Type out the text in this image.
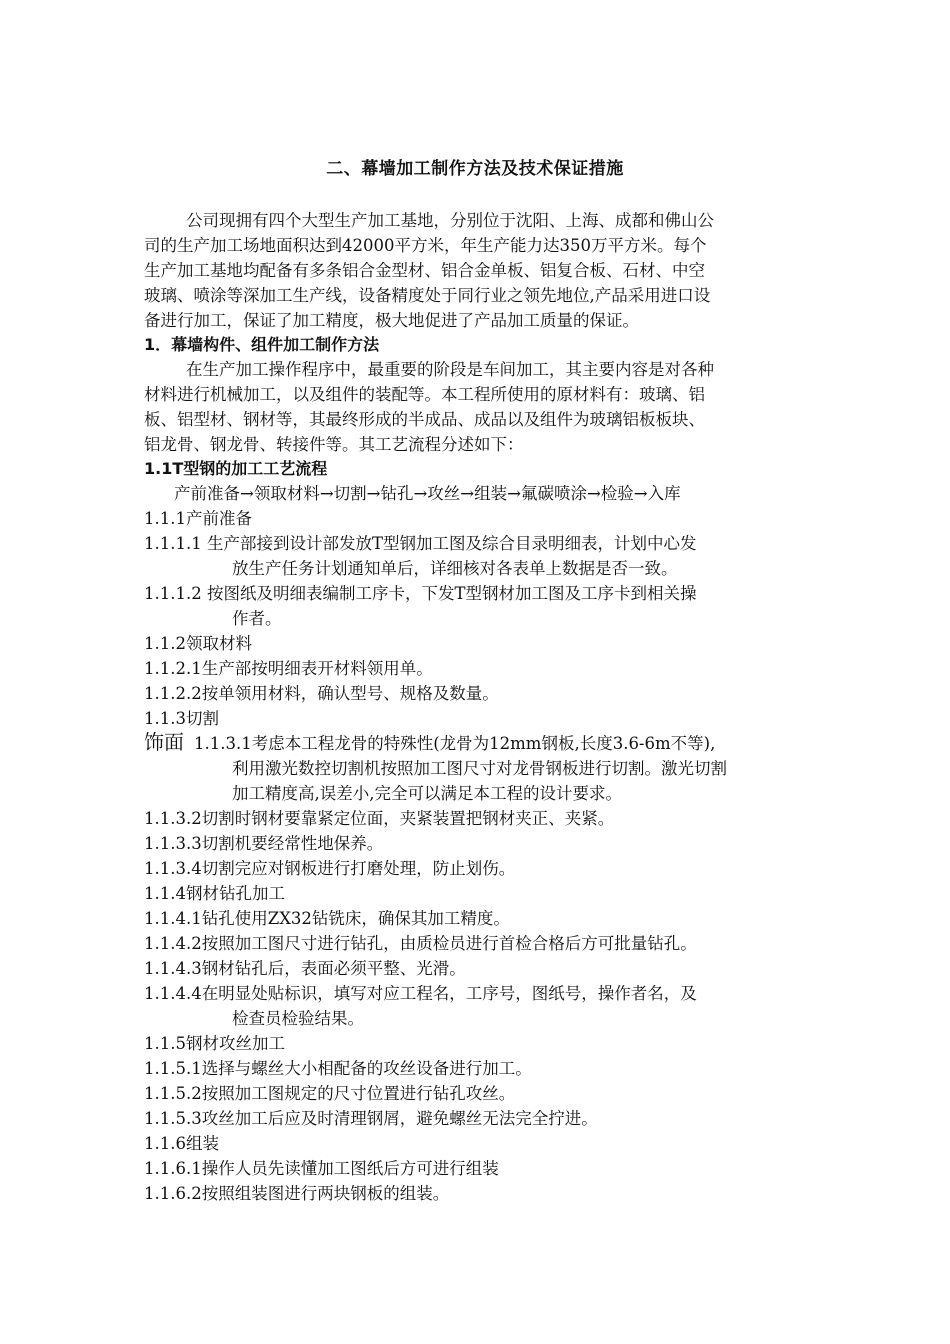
二、幕墙加工制作方法及技术保证措施
公司现拥有四个大型生产加工基地，分别位于沈阳、上海、成都和佛山公
司的生产加工场地面积达到42000平方米，年生产能力达350万平方米。每个
生产加工基地均配备有多条铝合金型材、铝合金单板、铝复合板、石材、中空
玻璃、喷涂等深加工生产线，设备精度处于同行业之领先地位,产品采用进口设
备进行加工，保证了加工精度，极大地促进了产品加工质量的保证。
1．幕墙构件、组件加工制作方法
在生产加工操作程序中，最重要的阶段是车间加工，其主要内容是对各种
材料进行机械加工，以及组件的装配等。本工程所使用的原材料有：玻璃、铝
板、铝型材、钢材等，其最终形成的半成品、成品以及组件为玻璃铝板板块、
铝龙骨、钢龙骨、转接件等。其工艺流程分述如下：
1.1T型钢的加工工艺流程
产前准备→领取材料→切割→钻孔→攻丝→组装→氟碳喷涂→检验→入库
1.1.1产前准备
1.1.1.1 生产部接到设计部发放T型钢加工图及综合目录明细表，计划中心发
放生产任务计划通知单后，详细核对各表单上数据是否一致。
1.1.1.2 按图纸及明细表编制工序卡，下发T型钢材加工图及工序卡到相关操
作者。
1.1.2领取材料
1.1.2.1生产部按明细表开材料领用单。
1.1.2.2按单领用材料，确认型号、规格及数量。
1.1.3切割
饰面 1.1.3.1考虑本工程龙骨的特殊性(龙骨为12mm钢板,长度3.6-6m不等),
利用激光数控切割机按照加工图尺寸对龙骨钢板进行切割。激光切割
加工精度高,误差小,完全可以满足本工程的设计要求。
1.1.3.2切割时钢材要靠紧定位面，夹紧装置把钢材夹正、夹紧。
1.1.3.3切割机要经常性地保养。
1.1.3.4切割完应对钢板进行打磨处理，防止划伤。
1.1.4钢材钻孔加工
1.1.4.1钻孔使用ZX32钻铣床，确保其加工精度。
1.1.4.2按照加工图尺寸进行钻孔，由质检员进行首检合格后方可批量钻孔。
1.1.4.3钢材钻孔后，表面必须平整、光滑。
1.1.4.4在明显处贴标识，填写对应工程名，工序号，图纸号，操作者名，及
检查员检验结果。
1.1.5钢材攻丝加工
1.1.5.1选择与螺丝大小相配备的攻丝设备进行加工。
1.1.5.2按照加工图规定的尺寸位置进行钻孔攻丝。
1.1.5.3攻丝加工后应及时清理钢屑，避免螺丝无法完全拧进。
1.1.6组装
1.1.6.1操作人员先读懂加工图纸后方可进行组装
1.1.6.2按照组装图进行两块钢板的组装。
